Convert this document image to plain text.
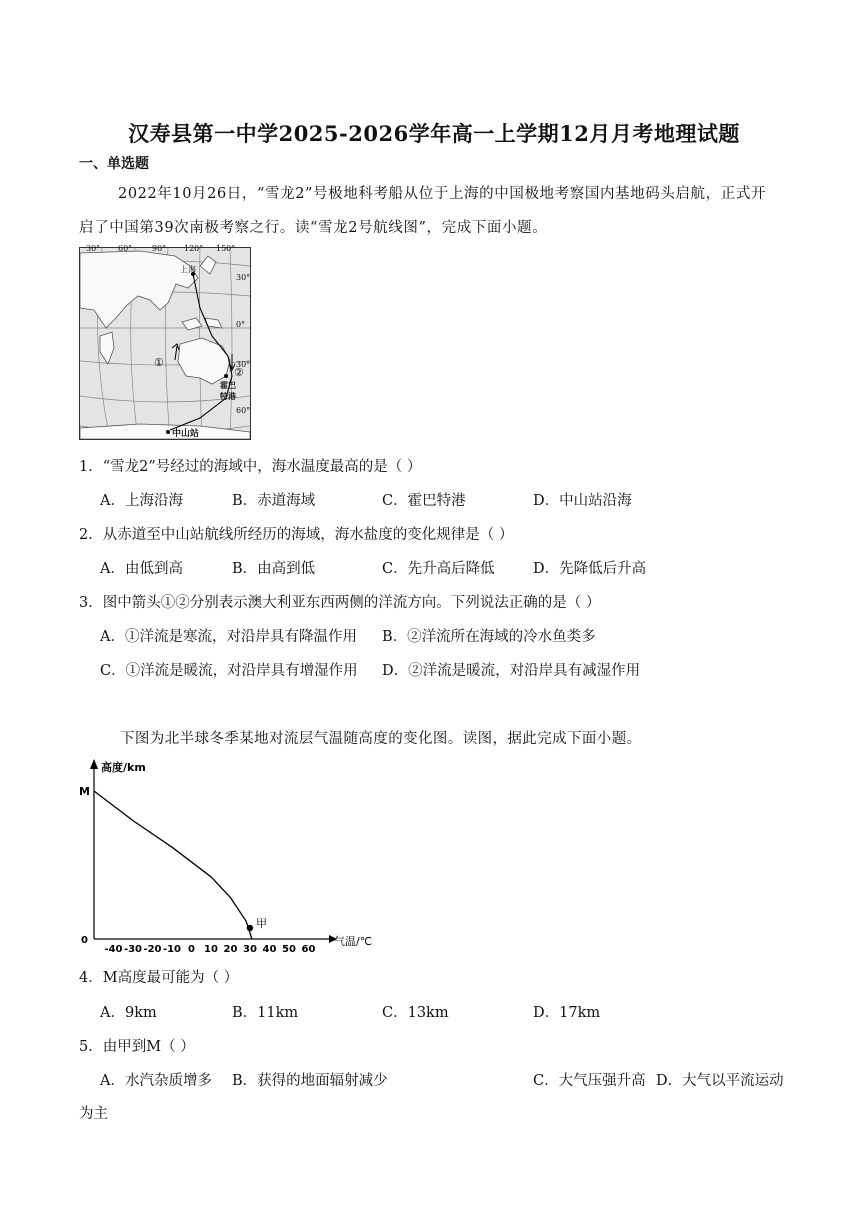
汉寿县第一中学2025-2026学年高一上学期12月月考地理试题
一、单选题
2022年10月26日，“雪龙2”号极地科考船从位于上海的中国极地考察国内基地码头启航，正式开
启了中国第39次南极考察之行。读“雪龙2号航线图”，完成下面小题。
30° 60° 90° 120° 150°
30°
0°
30°
60°
上海
霍巴
特港
中山站
①
②
1．“雪龙2”号经过的海域中，海水温度最高的是（ ）
A．上海沿海	B．赤道海域	C．霍巴特港	D．中山站沿海
2．从赤道至中山站航线所经历的海域，海水盐度的变化规律是（ ）
A．由低到高	B．由高到低	C．先升高后降低	D．先降低后升高
3．图中箭头①②分别表示澳大利亚东西两侧的洋流方向。下列说法正确的是（ ）
A．①洋流是寒流，对沿岸具有降温作用 B．②洋流所在海域的冷水鱼类多
C．①洋流是暖流，对沿岸具有增湿作用 D．②洋流是暖流，对沿岸具有减湿作用
下图为北半球冬季某地对流层气温随高度的变化图。读图，据此完成下面小题。
高度/km
气温/℃
0
M
-40 -30 -20 -10 0 10 20 30 40 50 60
甲
4．M高度最可能为（ ）
A．9km	B．11km	C．13km	D．17km
5．由甲到M（ ）
A．水汽杂质增多 B．获得的地面辐射减少	C．大气压强升高 D．大气以平流运动
为主
